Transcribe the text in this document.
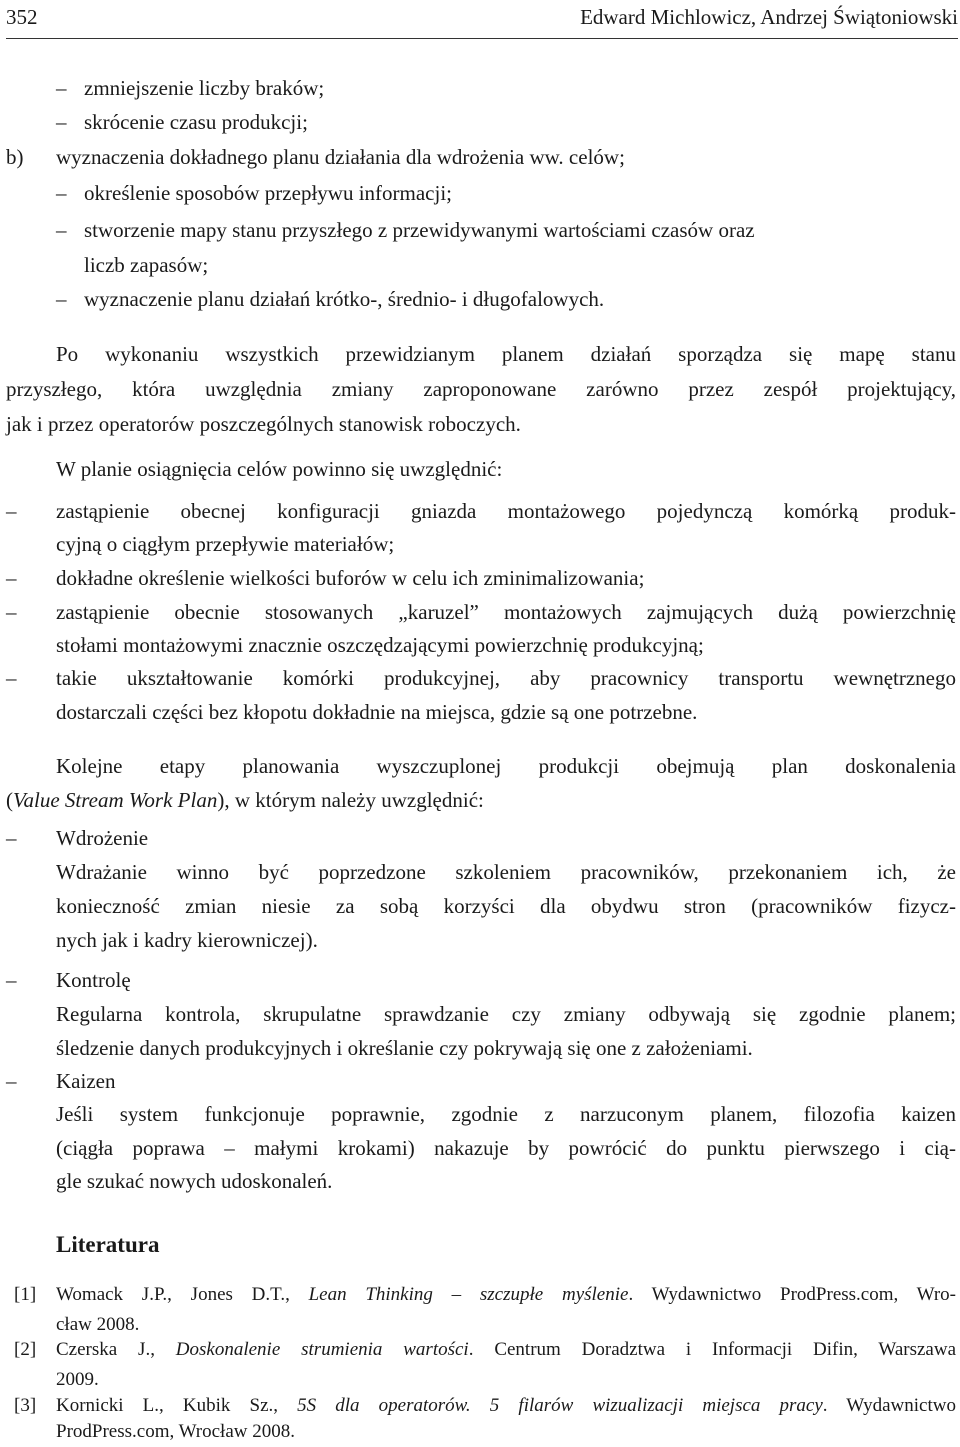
352	Edward Michlowicz, Andrzej Świątoniowski
– zmniejszenie liczby braków;
– skrócenie czasu produkcji;
b) wyznaczenia dokładnego planu działania dla wdrożenia ww. celów;
– określenie sposobów przepływu informacji;
– stworzenie mapy stanu przyszłego z przewidywanymi wartościami czasów oraz
liczb zapasów;
– wyznaczenie planu działań krótko-, średnio- i długofalowych.
Po wykonaniu wszystkich przewidzianym planem działań sporządza się mapę stanu
przyszłego, która uwzględnia zmiany zaproponowane zarówno przez zespół projektujący,
jak i przez operatorów poszczególnych stanowisk roboczych.
W planie osiągnięcia celów powinno się uwzględnić:
– zastąpienie obecnej konfiguracji gniazda montażowego pojedynczą komórką produk-
cyjną o ciągłym przepływie materiałów;
– dokładne określenie wielkości buforów w celu ich zminimalizowania;
– zastąpienie obecnie stosowanych „karuzel” montażowych zajmujących dużą powierzchnię
stołami montażowymi znacznie oszczędzającymi powierzchnię produkcyjną;
– takie ukształtowanie komórki produkcyjnej, aby pracownicy transportu wewnętrznego
dostarczali części bez kłopotu dokładnie na miejsca, gdzie są one potrzebne.
Kolejne etapy planowania wyszczuplonej produkcji obejmują plan doskonalenia
(Value Stream Work Plan), w którym należy uwzględnić:
– Wdrożenie
Wdrażanie winno być poprzedzone szkoleniem pracowników, przekonaniem ich, że
konieczność zmian niesie za sobą korzyści dla obydwu stron (pracowników fizycz-
nych jak i kadry kierowniczej).
– Kontrolę
Regularna kontrola, skrupulatne sprawdzanie czy zmiany odbywają się zgodnie planem;
śledzenie danych produkcyjnych i określanie czy pokrywają się one z założeniami.
– Kaizen
Jeśli system funkcjonuje poprawnie, zgodnie z narzuconym planem, filozofia kaizen
(ciągła poprawa – małymi krokami) nakazuje by powrócić do punktu pierwszego i cią-
gle szukać nowych udoskonaleń.
Literatura
[1] Womack J.P., Jones D.T., Lean Thinking – szczupłe myślenie. Wydawnictwo ProdPress.com, Wro-
cław 2008.
[2] Czerska J., Doskonalenie strumienia wartości. Centrum Doradztwa i Informacji Difin, Warszawa
2009.
[3] Kornicki L., Kubik Sz., 5S dla operatorów. 5 filarów wizualizacji miejsca pracy. Wydawnictwo
ProdPress.com, Wrocław 2008.
